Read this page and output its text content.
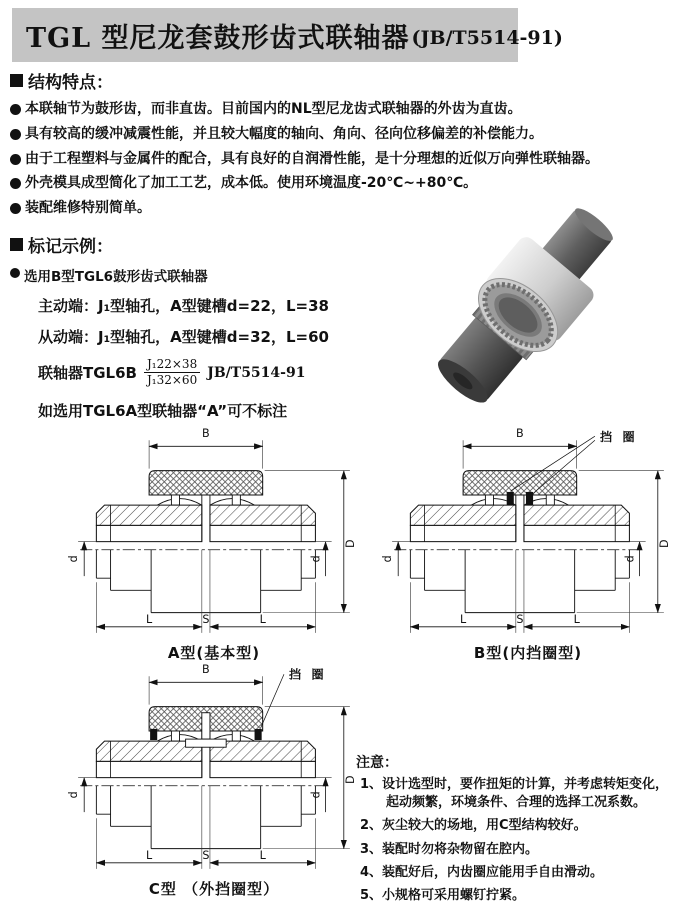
TGL 型尼龙套鼓形齿式联轴器 (JB/T5514-91)
结构特点：
本联轴节为鼓形齿，而非直齿。目前国内的NL型尼龙齿式联轴器的外齿为直齿。
具有较高的缓冲减震性能，并且较大幅度的轴向、角向、径向位移偏差的补偿能力。
由于工程塑料与金属件的配合，具有良好的自润滑性能，是十分理想的近似万向弹性联轴器。
外壳模具成型简化了加工工艺，成本低。使用环境温度-20℃~+80℃。
装配维修特别简单。
标记示例：
选用B型TGL6鼓形齿式联轴器
主动端：J₁型轴孔，A型键槽d=22，L=38
从动端：J₁型轴孔，A型键槽d=32，L=60
联轴器$TGL6B \frac{\text{J₁22×38}}{\text{J₁32×60}} JB/T5514-91$
如选用TGL6A型联轴器“A”可不标注
B
L	S	L
d	d
D
A型(基本型)
挡 圈
B
L	S	L
d	d
D
B型(内挡圈型)
挡 圈
B
L	S	L
d	d
D
C型 （外挡圈型）
注意：
1、设计选型时，要作扭矩的计算，并考虑转矩变化，起动频繁，环境条件、合理的选择工况系数。
2、灰尘较大的场地，用C型结构较好。
3、装配时勿将杂物留在腔内。
4、装配好后，内齿圈应能用手自由滑动。
5、小规格可采用螺钉拧紧。
